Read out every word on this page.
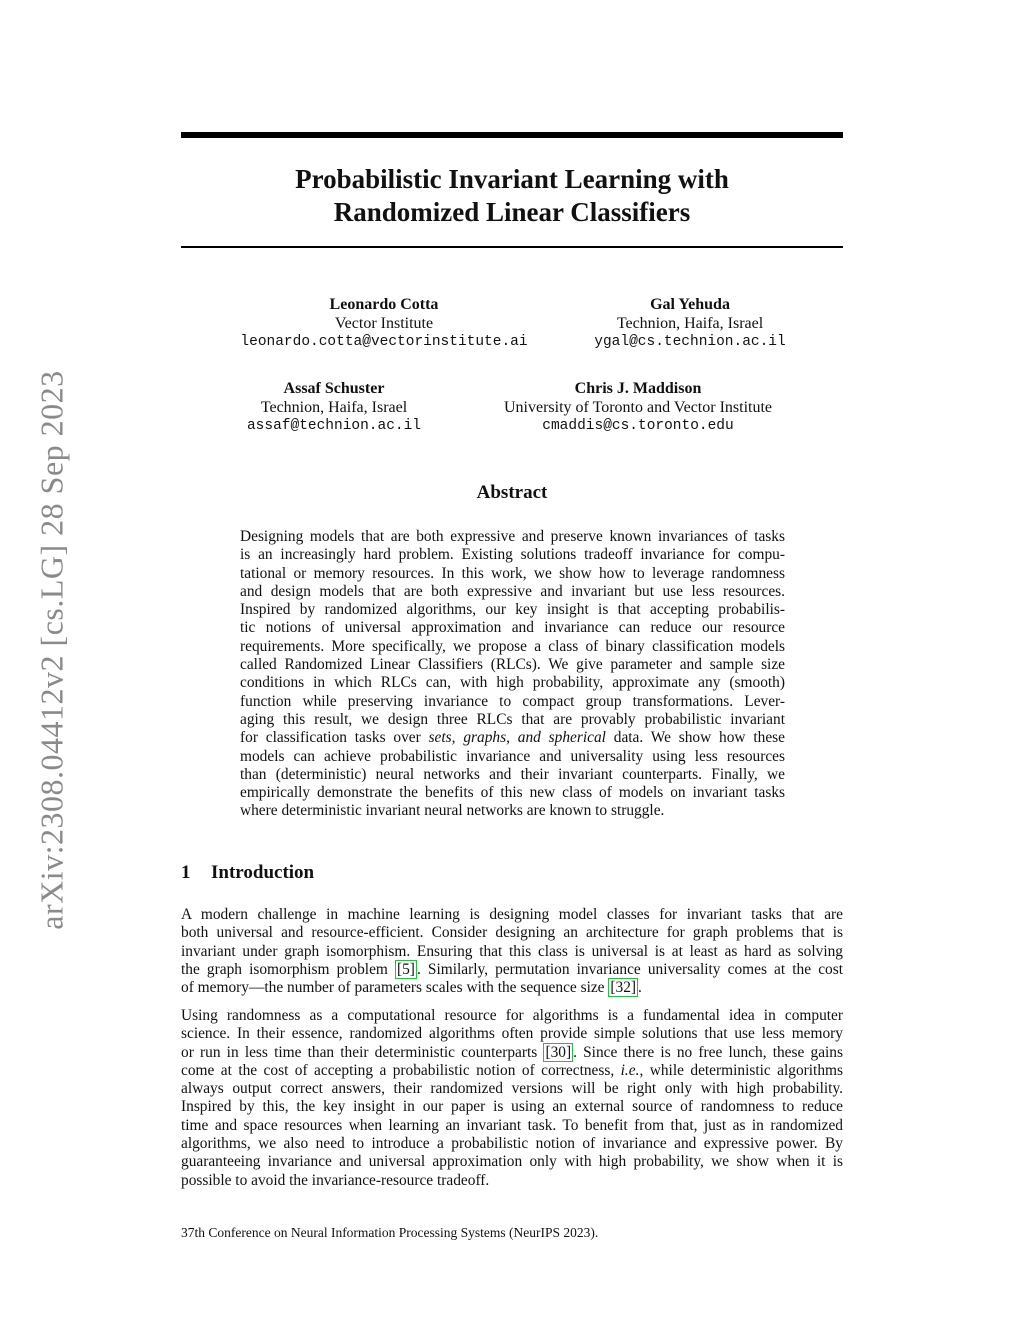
arXiv:2308.04412v2 [cs.LG] 28 Sep 2023
Probabilistic Invariant Learning with
Randomized Linear Classifiers
Leonardo Cotta
Vector Institute
leonardo.cotta@vectorinstitute.ai
Gal Yehuda
Technion, Haifa, Israel
ygal@cs.technion.ac.il
Assaf Schuster
Technion, Haifa, Israel
assaf@technion.ac.il
Chris J. Maddison
University of Toronto and Vector Institute
cmaddis@cs.toronto.edu
Abstract
Designing models that are both expressive and preserve known invariances of tasks
is an increasingly hard problem. Existing solutions tradeoff invariance for compu-
tational or memory resources. In this work, we show how to leverage randomness
and design models that are both expressive and invariant but use less resources.
Inspired by randomized algorithms, our key insight is that accepting probabilis-
tic notions of universal approximation and invariance can reduce our resource
requirements. More specifically, we propose a class of binary classification models
called Randomized Linear Classifiers (RLCs). We give parameter and sample size
conditions in which RLCs can, with high probability, approximate any (smooth)
function while preserving invariance to compact group transformations. Lever-
aging this result, we design three RLCs that are provably probabilistic invariant
for classification tasks over sets, graphs, and spherical data. We show how these
models can achieve probabilistic invariance and universality using less resources
than (deterministic) neural networks and their invariant counterparts. Finally, we
empirically demonstrate the benefits of this new class of models on invariant tasks
where deterministic invariant neural networks are known to struggle.
1 Introduction
A modern challenge in machine learning is designing model classes for invariant tasks that are
both universal and resource-efficient. Consider designing an architecture for graph problems that is
invariant under graph isomorphism. Ensuring that this class is universal is at least as hard as solving
the graph isomorphism problem [5] . Similarly, permutation invariance universality comes at the cost
of memory—the number of parameters scales with the sequence size [32] .
Using randomness as a computational resource for algorithms is a fundamental idea in computer
science. In their essence, randomized algorithms often provide simple solutions that use less memory
or run in less time than their deterministic counterparts [30] . Since there is no free lunch, these gains
come at the cost of accepting a probabilistic notion of correctness, i.e., while deterministic algorithms
always output correct answers, their randomized versions will be right only with high probability.
Inspired by this, the key insight in our paper is using an external source of randomness to reduce
time and space resources when learning an invariant task. To benefit from that, just as in randomized
algorithms, we also need to introduce a probabilistic notion of invariance and expressive power. By
guaranteeing invariance and universal approximation only with high probability, we show when it is
possible to avoid the invariance-resource tradeoff.
37th Conference on Neural Information Processing Systems (NeurIPS 2023).
